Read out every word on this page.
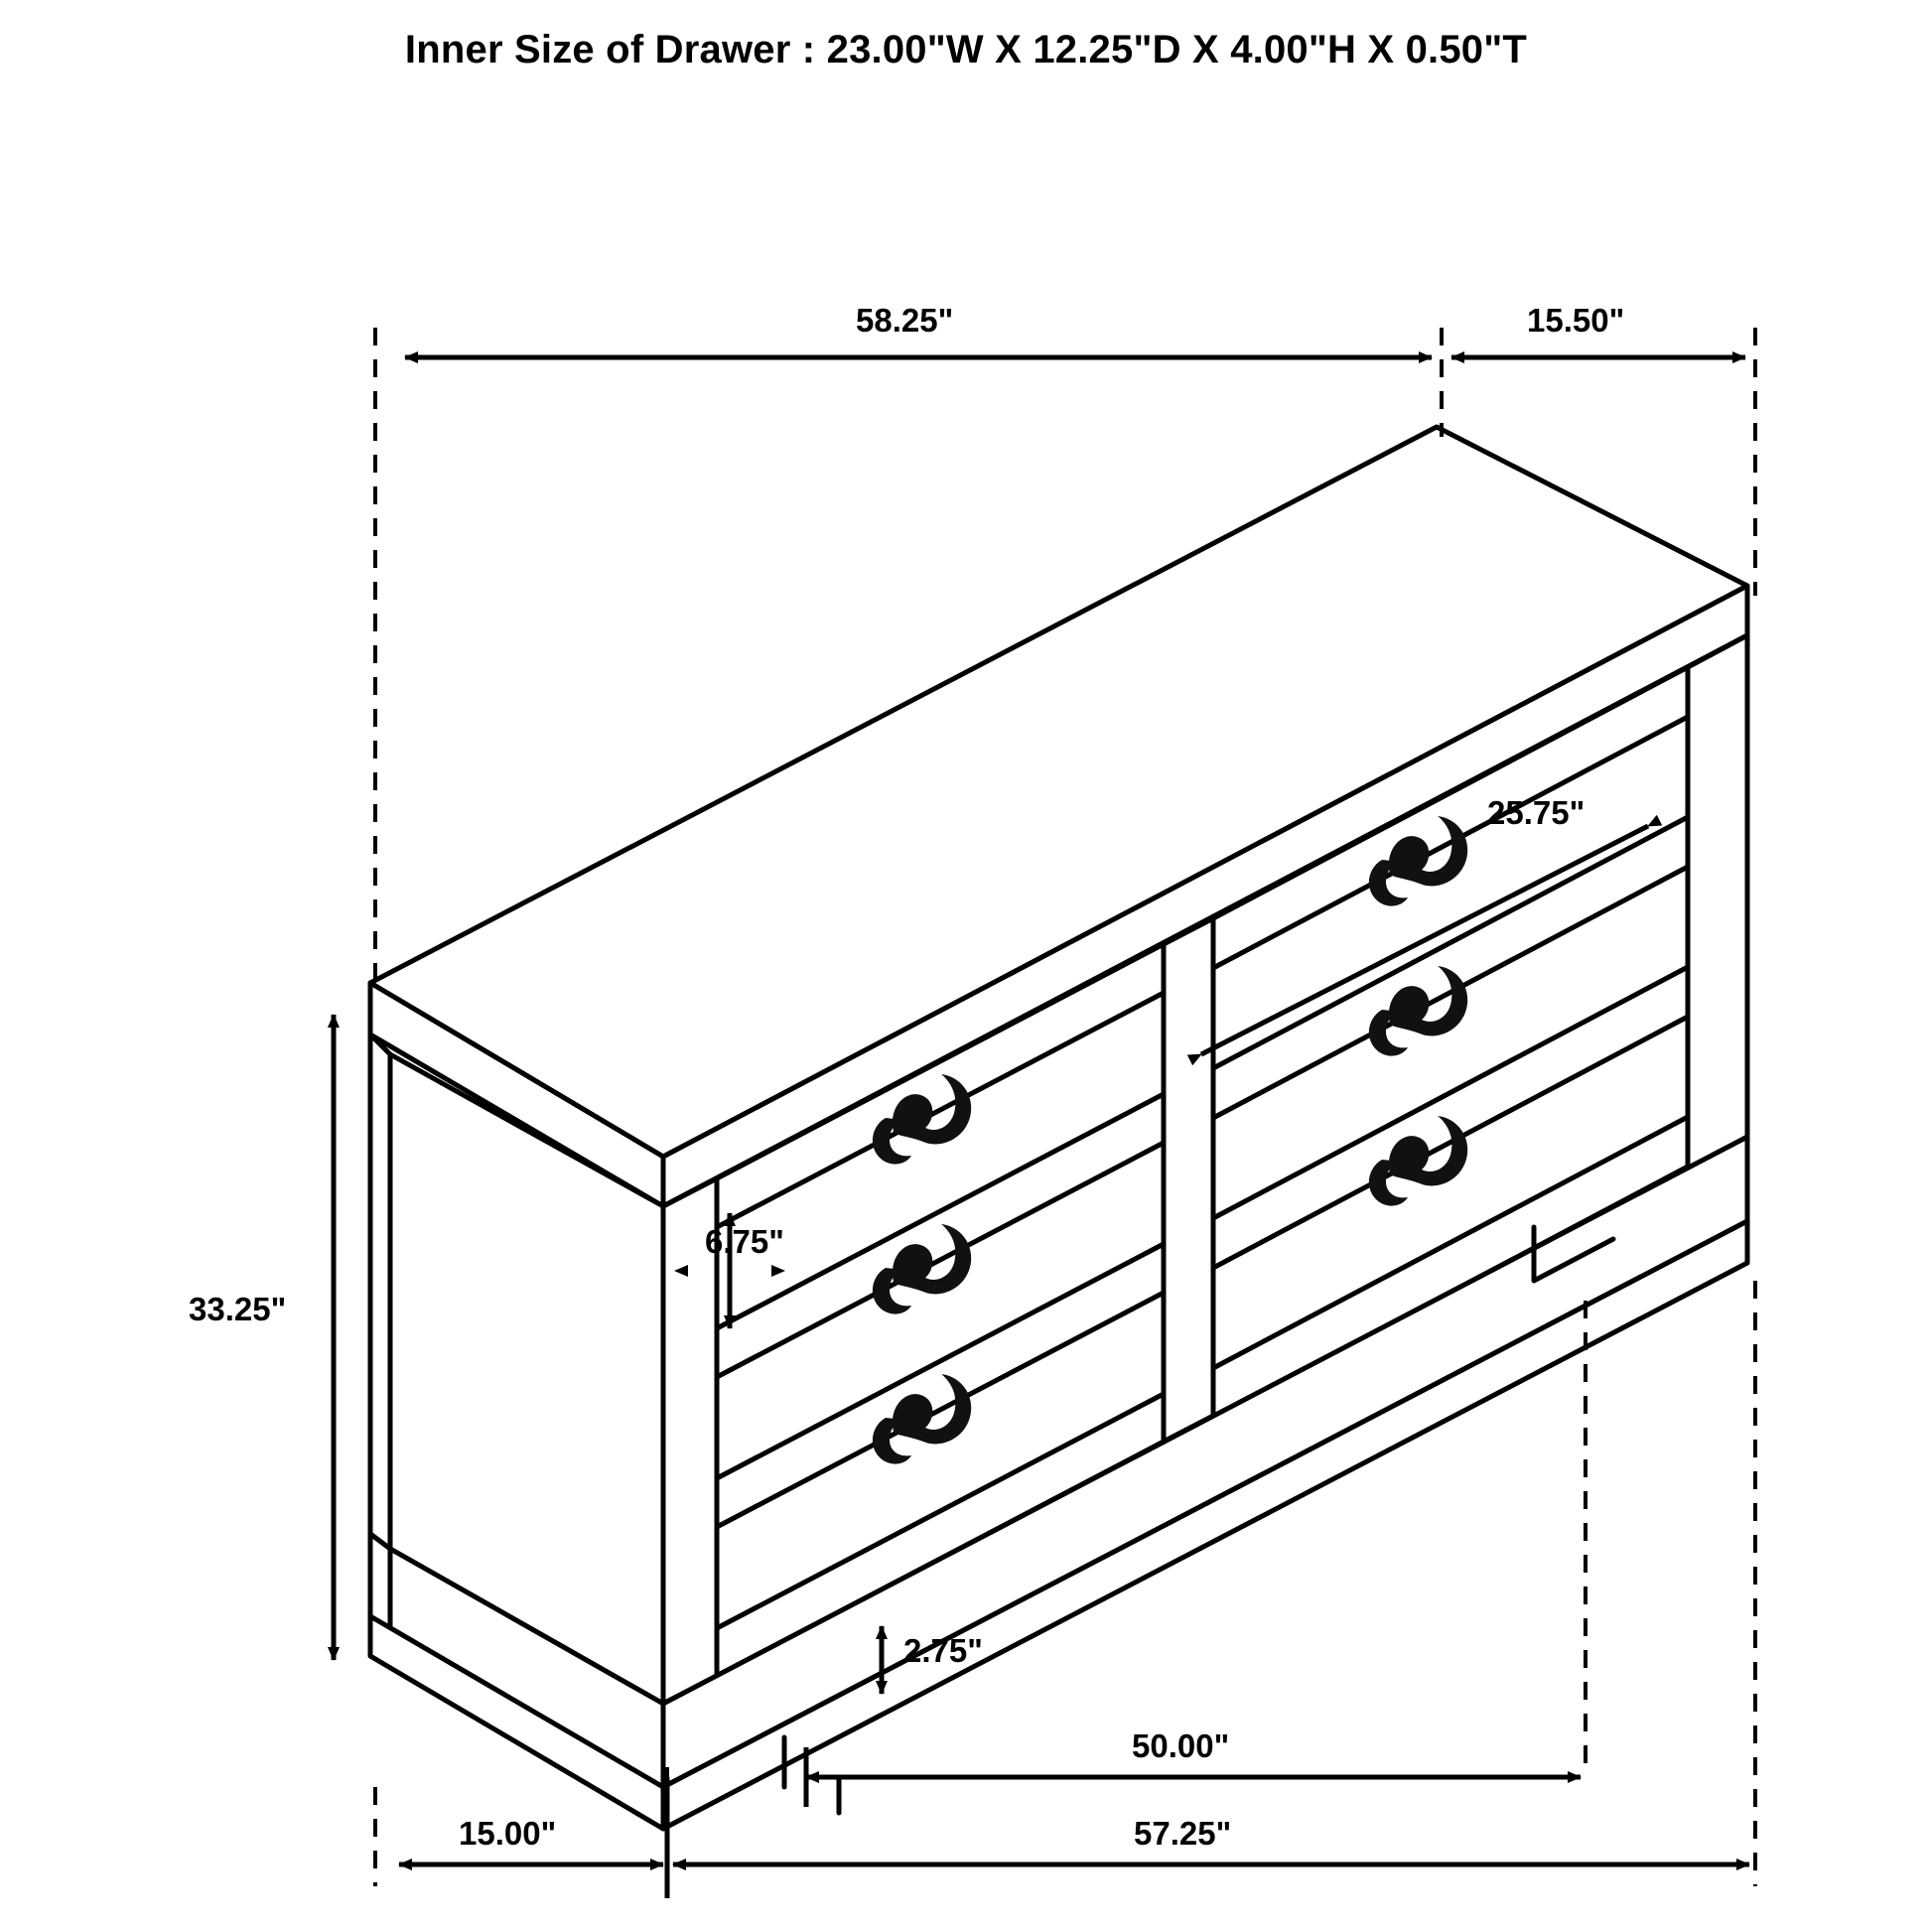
Inner Size of Drawer : 23.00"W X 12.25"D X 4.00"H X 0.50"T
58.25"	15.50"
25.75"
6.75"
33.25"
2.75"
50.00"
15.00"	57.25"
